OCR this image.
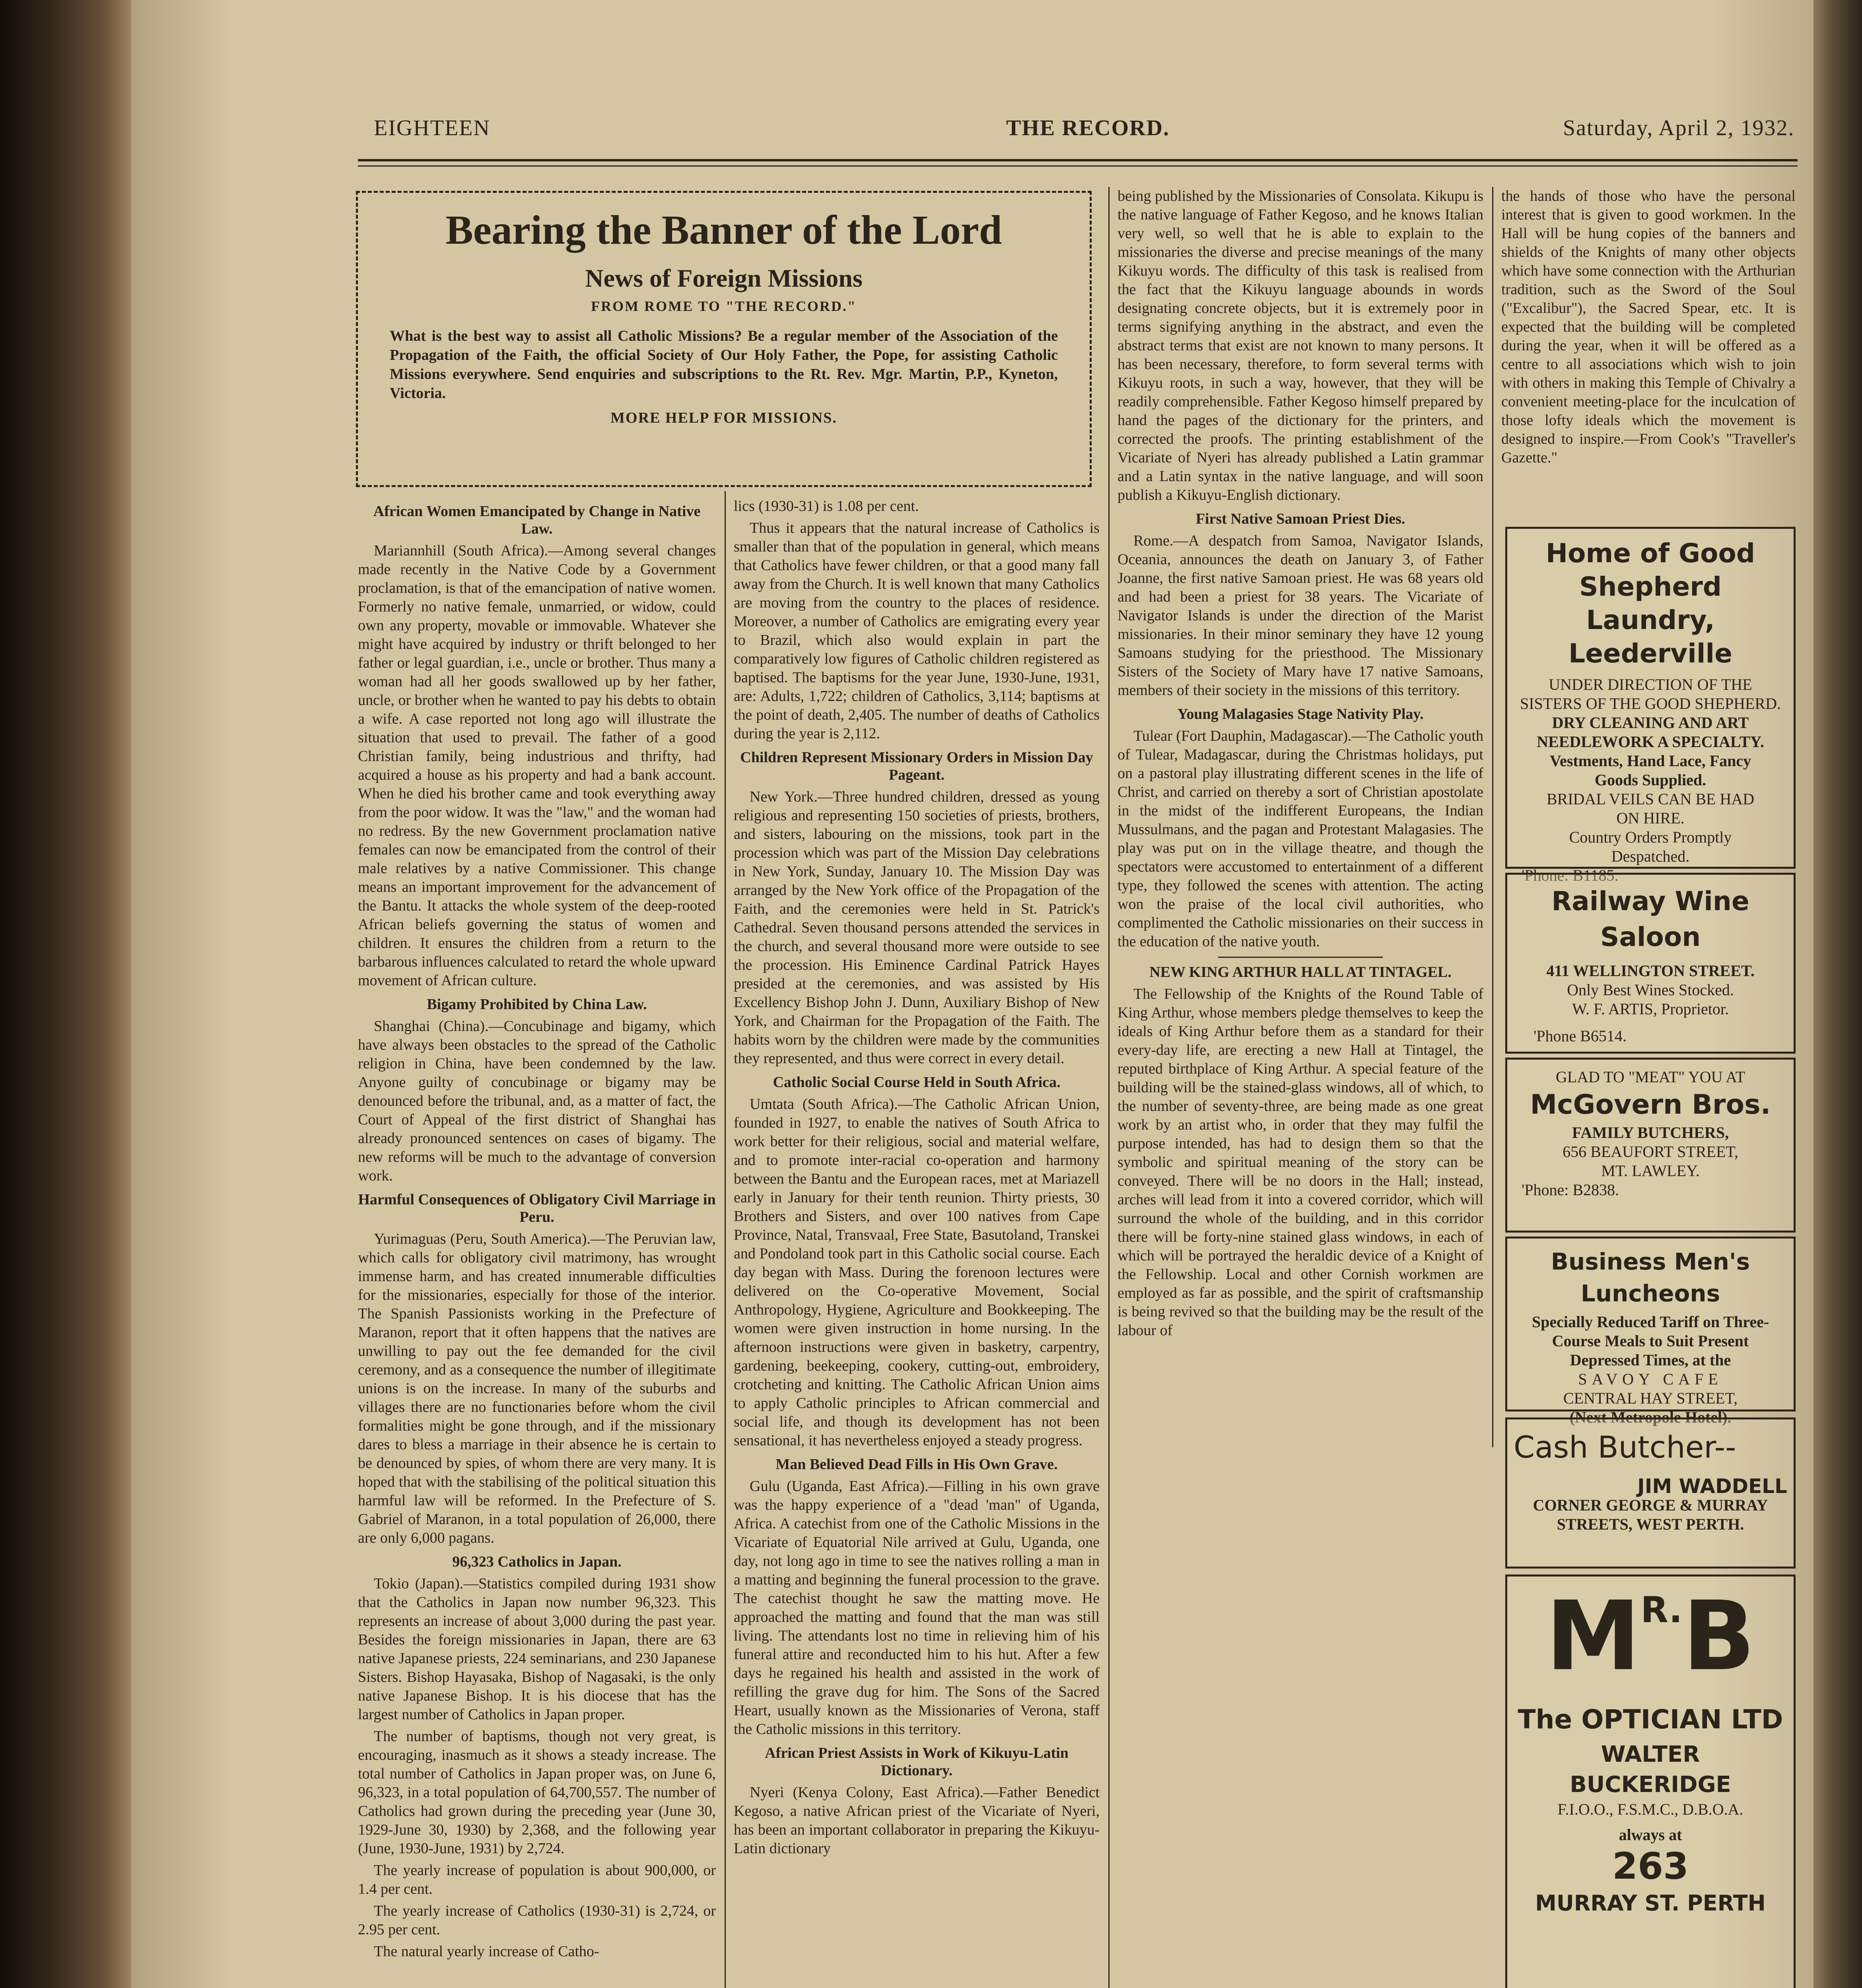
EIGHTEEN	THE RECORD.	Saturday, April 2, 1932.
Bearing the Banner of the Lord
News of Foreign Missions
FROM ROME TO "THE RECORD."
What is the best way to assist all Catholic Missions? Be a regular member of the Association of the Propagation of the Faith, the official Society of Our Holy Father, the Pope, for assisting Catholic Missions everywhere. Send enquiries and subscriptions to the Rt. Rev. Mgr. Martin, P.P., Kyneton, Victoria.
MORE HELP FOR MISSIONS.
African Women Emancipated by Change in Native Law.

Mariannhill (South Africa).—Among several changes made recently in the Native Code by a Government proclamation, is that of the emancipation of native women. Formerly no native female, unmarried, or widow, could own any property, movable or immovable. Whatever she might have acquired by industry or thrift belonged to her father or legal guardian, i.e., uncle or brother. Thus many a woman had all her goods swallowed up by her father, uncle, or brother when he wanted to pay his debts to obtain a wife. A case reported not long ago will illustrate the situation that used to prevail. The father of a good Christian family, being industrious and thrifty, had acquired a house as his property and had a bank account. When he died his brother came and took everything away from the poor widow. It was the "law," and the woman had no redress. By the new Government proclamation native females can now be emancipated from the control of their male relatives by a native Commissioner. This change means an important improvement for the advancement of the Bantu. It attacks the whole system of the deep-rooted African beliefs governing the status of women and children. It ensures the children from a return to the barbarous influences calculated to retard the whole upward movement of African culture.

Bigamy Prohibited by China Law.

Shanghai (China).—Concubinage and bigamy, which have always been obstacles to the spread of the Catholic religion in China, have been condemned by the law. Anyone guilty of concubinage or bigamy may be denounced before the tribunal, and, as a matter of fact, the Court of Appeal of the first district of Shanghai has already pronounced sentences on cases of bigamy. The new reforms will be much to the advantage of conversion work.

Harmful Consequences of Obligatory Civil Marriage in Peru.

Yurimaguas (Peru, South America).—The Peruvian law, which calls for obligatory civil matrimony, has wrought immense harm, and has created innumerable difficulties for the missionaries, especially for those of the interior. The Spanish Passionists working in the Prefecture of Maranon, report that it often happens that the natives are unwilling to pay out the fee demanded for the civil ceremony, and as a consequence the number of illegitimate unions is on the increase. In many of the suburbs and villages there are no functionaries before whom the civil formalities might be gone through, and if the missionary dares to bless a marriage in their absence he is certain to be denounced by spies, of whom there are very many. It is hoped that with the stabilising of the political situation this harmful law will be reformed. In the Prefecture of S. Gabriel of Maranon, in a total population of 26,000, there are only 6,000 pagans.

96,323 Catholics in Japan.

Tokio (Japan).—Statistics compiled during 1931 show that the Catholics in Japan now number 96,323. This represents an increase of about 3,000 during the past year. Besides the foreign missionaries in Japan, there are 63 native Japanese priests, 224 seminarians, and 230 Japanese Sisters. Bishop Hayasaka, Bishop of Nagasaki, is the only native Japanese Bishop. It is his diocese that has the largest number of Catholics in Japan proper.

The number of baptisms, though not very great, is encouraging, inasmuch as it shows a steady increase. The total number of Catholics in Japan proper was, on June 6, 96,323, in a total population of 64,700,557. The number of Catholics had grown during the preceding year (June 30, 1929-June 30, 1930) by 2,368, and the following year (June, 1930-June, 1931) by 2,724.

The yearly increase of population is about 900,000, or 1.4 per cent.

The yearly increase of Catholics (1930-31) is 2,724, or 2.95 per cent.

The natural yearly increase of Catho-

lics (1930-31) is 1.08 per cent.

Thus it appears that the natural increase of Catholics is smaller than that of the population in general, which means that Catholics have fewer children, or that a good many fall away from the Church. It is well known that many Catholics are moving from the country to the places of residence. Moreover, a number of Catholics are emigrating every year to Brazil, which also would explain in part the comparatively low figures of Catholic children registered as baptised. The baptisms for the year June, 1930-June, 1931, are: Adults, 1,722; children of Catholics, 3,114; baptisms at the point of death, 2,405. The number of deaths of Catholics during the year is 2,112.

Children Represent Missionary Orders in Mission Day Pageant.

New York.—Three hundred children, dressed as young religious and representing 150 societies of priests, brothers, and sisters, labouring on the missions, took part in the procession which was part of the Mission Day celebrations in New York, Sunday, January 10. The Mission Day was arranged by the New York office of the Propagation of the Faith, and the ceremonies were held in St. Patrick's Cathedral. Seven thousand persons attended the services in the church, and several thousand more were outside to see the procession. His Eminence Cardinal Patrick Hayes presided at the ceremonies, and was assisted by His Excellency Bishop John J. Dunn, Auxiliary Bishop of New York, and Chairman for the Propagation of the Faith. The habits worn by the children were made by the communities they represented, and thus were correct in every detail.

Catholic Social Course Held in South Africa.

Umtata (South Africa).—The Catholic African Union, founded in 1927, to enable the natives of South Africa to work better for their religious, social and material welfare, and to promote inter-racial co-operation and harmony between the Bantu and the European races, met at Mariazell early in January for their tenth reunion. Thirty priests, 30 Brothers and Sisters, and over 100 natives from Cape Province, Natal, Transvaal, Free State, Basutoland, Transkei and Pondoland took part in this Catholic social course. Each day began with Mass. During the forenoon lectures were delivered on the Co-operative Movement, Social Anthropology, Hygiene, Agriculture and Bookkeeping. The women were given instruction in home nursing. In the afternoon instructions were given in basketry, carpentry, gardening, beekeeping, cookery, cutting-out, embroidery, crotcheting and knitting. The Catholic African Union aims to apply Catholic principles to African commercial and social life, and though its development has not been sensational, it has nevertheless enjoyed a steady progress.

Man Believed Dead Fills in His Own Grave.

Gulu (Uganda, East Africa).—Filling in his own grave was the happy experience of a "dead 'man" of Uganda, Africa. A catechist from one of the Catholic Missions in the Vicariate of Equatorial Nile arrived at Gulu, Uganda, one day, not long ago in time to see the natives rolling a man in a matting and beginning the funeral procession to the grave. The catechist thought he saw the matting move. He approached the matting and found that the man was still living. The attendants lost no time in relieving him of his funeral attire and reconducted him to his hut. After a few days he regained his health and assisted in the work of refilling the grave dug for him. The Sons of the Sacred Heart, usually known as the Missionaries of Verona, staff the Catholic missions in this territory.

African Priest Assists in Work of Kikuyu-Latin Dictionary.

Nyeri (Kenya Colony, East Africa).—Father Benedict Kegoso, a native African priest of the Vicariate of Nyeri, has been an important collaborator in preparing the Kikuyu-Latin dictionary

being published by the Missionaries of Consolata. Kikupu is the native language of Father Kegoso, and he knows Italian very well, so well that he is able to explain to the missionaries the diverse and precise meanings of the many Kikuyu words. The difficulty of this task is realised from the fact that the Kikuyu language abounds in words designating concrete objects, but it is extremely poor in terms signifying anything in the abstract, and even the abstract terms that exist are not known to many persons. It has been necessary, therefore, to form several terms with Kikuyu roots, in such a way, however, that they will be readily comprehensible. Father Kegoso himself prepared by hand the pages of the dictionary for the printers, and corrected the proofs. The printing establishment of the Vicariate of Nyeri has already published a Latin grammar and a Latin syntax in the native language, and will soon publish a Kikuyu-English dictionary.

First Native Samoan Priest Dies.

Rome.—A despatch from Samoa, Navigator Islands, Oceania, announces the death on January 3, of Father Joanne, the first native Samoan priest. He was 68 years old and had been a priest for 38 years. The Vicariate of Navigator Islands is under the direction of the Marist missionaries. In their minor seminary they have 12 young Samoans studying for the priesthood. The Missionary Sisters of the Society of Mary have 17 native Samoans, members of their society in the missions of this territory.

Young Malagasies Stage Nativity Play.

Tulear (Fort Dauphin, Madagascar).—The Catholic youth of Tulear, Madagascar, during the Christmas holidays, put on a pastoral play illustrating different scenes in the life of Christ, and carried on thereby a sort of Christian apostolate in the midst of the indifferent Europeans, the Indian Mussulmans, and the pagan and Protestant Malagasies. The play was put on in the village theatre, and though the spectators were accustomed to entertainment of a different type, they followed the scenes with attention. The acting won the praise of the local civil authorities, who complimented the Catholic missionaries on their success in the education of the native youth.

NEW KING ARTHUR HALL AT TINTAGEL.

The Fellowship of the Knights of the Round Table of King Arthur, whose members pledge themselves to keep the ideals of King Arthur before them as a standard for their every-day life, are erecting a new Hall at Tintagel, the reputed birthplace of King Arthur. A special feature of the building will be the stained-glass windows, all of which, to the number of seventy-three, are being made as one great work by an artist who, in order that they may fulfil the purpose intended, has had to design them so that the symbolic and spiritual meaning of the story can be conveyed. There will be no doors in the Hall; instead, arches will lead from it into a covered corridor, which will surround the whole of the building, and in this corridor there will be forty-nine stained glass windows, in each of which will be portrayed the heraldic device of a Knight of the Fellowship. Local and other Cornish workmen are employed as far as possible, and the spirit of craftsmanship is being revived so that the building may be the result of the labour of

the hands of those who have the personal interest that is given to good workmen. In the Hall will be hung copies of the banners and shields of the Knights of many other objects which have some connection with the Arthurian tradition, such as the Sword of the Soul ("Excalibur"), the Sacred Spear, etc. It is expected that the building will be completed during the year, when it will be offered as a centre to all associations which wish to join with others in making this Temple of Chivalry a convenient meeting-place for the inculcation of those lofty ideals which the movement is designed to inspire.—From Cook's "Traveller's Gazette."

Home of Good Shepherd
Laundry, Leederville
UNDER DIRECTION OF THE
SISTERS OF THE GOOD SHEPHERD.
DRY CLEANING AND ART
NEEDLEWORK A SPECIALTY.
Vestments, Hand Lace, Fancy
Goods Supplied.
BRIDAL VEILS CAN BE HAD
ON HIRE.
Country Orders Promptly
Despatched.
'Phone: B1185.
Railway Wine Saloon
411 WELLINGTON STREET.
Only Best Wines Stocked.
W. F. ARTIS, Proprietor.
'Phone B6514.
GLAD TO "MEAT" YOU AT
McGovern Bros.
FAMILY BUTCHERS,
656 BEAUFORT STREET,
MT. LAWLEY.
'Phone: B2838.
Business Men's Luncheons
Specially Reduced Tariff on Three-
Course Meals to Suit Present
Depressed Times, at the
SAVOY CAFE
CENTRAL HAY STREET,
(Next Metropole Hotel).
Cash Butcher--
JIM WADDELL
CORNER GEORGE & MURRAY
STREETS, WEST PERTH.
MR.B
The OPTICIAN LTD
WALTER
BUCKERIDGE
F.I.O.O., F.S.M.C., D.B.O.A.
always at
263
MURRAY ST. PERTH
